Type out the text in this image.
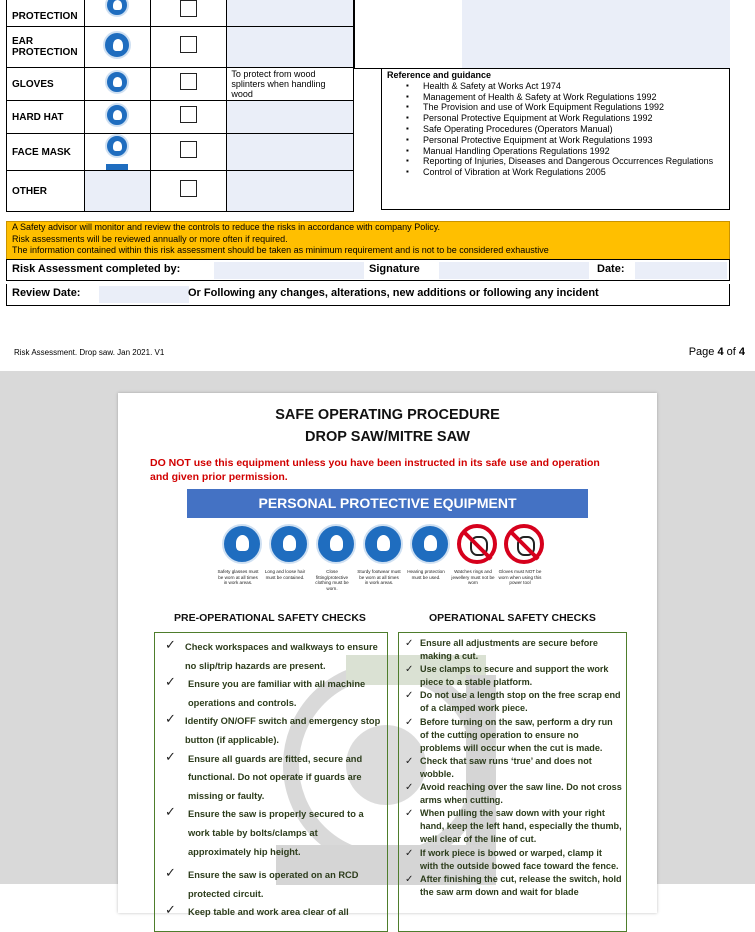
PROTECTION			
EAR PROTECTION			
GLOVES			To protect from wood splinters when handling wood
HARD HAT			
FACE MASK	

OTHER			
Reference and guidance
▪ Health & Safety at Works Act 1974
▪ Management of Health & Safety at Work Regulations 1992
▪ The Provision and use of Work Equipment Regulations 1992
▪ Personal Protective Equipment at Work Regulations 1992
▪ Safe Operating Procedures (Operators Manual)
▪ Personal Protective Equipment at Work Regulations 1993
▪ Manual Handling Operations Regulations 1992
▪ Reporting of Injuries, Diseases and Dangerous Occurrences Regulations
▪ Control of Vibration at Work Regulations 2005
A Safety advisor will monitor and review the controls to reduce the risks in accordance with company Policy.
Risk assessments will be reviewed annually or more often if required.
The information contained within this risk assessment should be taken as minimum requirement and is not to be considered exhaustive
Risk Assessment completed by:	Signature	Date:
Review Date:	Or Following any changes, alterations, new additions or following any incident
Risk Assessment. Drop saw. Jan 2021. V1	Page 4 of 4
SAFE OPERATING PROCEDURE
DROP SAW/MITRE SAW
DO NOT use this equipment unless you have been instructed in its safe use and operation and given prior permission.
PERSONAL PROTECTIVE EQUIPMENT
Safety glasses must be worn at all times in work areas.
Long and loose hair must be contained.
Close fitting/protective clothing must be worn.
Sturdy footwear must be worn at all times in work areas.
Hearing protection must be used.
Watches rings and jewellery must not be worn
Gloves must NOT be worn when using this power tool
PRE-OPERATIONAL SAFETY CHECKS	OPERATIONAL SAFETY CHECKS
✓ Check workspaces and walkways to ensure no slip/trip hazards are present.
✓ Ensure you are familiar with all machine operations and controls.
✓ Identify ON/OFF switch and emergency stop button (if applicable).
✓ Ensure all guards are fitted, secure and functional. Do not operate if guards are missing or faulty.
✓ Ensure the saw is properly secured to a work table by bolts/clamps at approximately hip height.
✓ Ensure the saw is operated on an RCD protected circuit.
✓ Keep table and work area clear of all
✓ Ensure all adjustments are secure before making a cut.
✓ Use clamps to secure and support the work piece to a stable platform.
✓ Do not use a length stop on the free scrap end of a clamped work piece.
✓ Before turning on the saw, perform a dry run of the cutting operation to ensure no problems will occur when the cut is made.
✓ Check that saw runs ‘true’ and does not wobble.
✓ Avoid reaching over the saw line. Do not cross arms when cutting.
✓ When pulling the saw down with your right hand, keep the left hand, especially the thumb, well clear of the line of cut.
✓ If work piece is bowed or warped, clamp it with the outside bowed face toward the fence.
✓ After finishing the cut, release the switch, hold the saw arm down and wait for blade
